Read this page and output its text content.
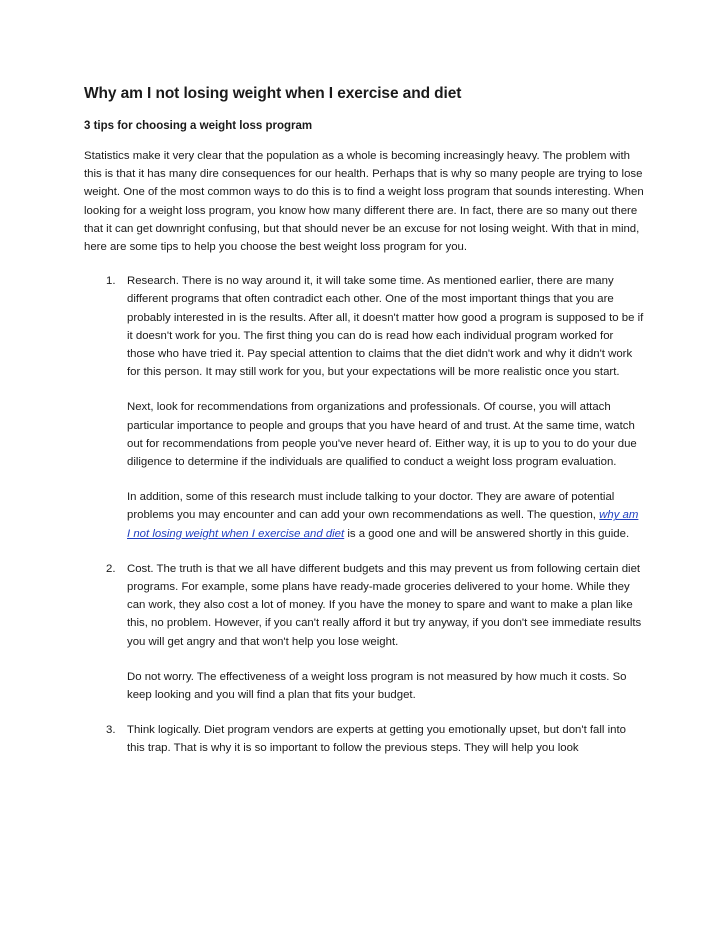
Why am I not losing weight when I exercise and diet
3 tips for choosing a weight loss program

Statistics make it very clear that the population as a whole is becoming increasingly heavy. The problem with this is that it has many dire consequences for our health. Perhaps that is why so many people are trying to lose weight. One of the most common ways to do this is to find a weight loss program that sounds interesting. When looking for a weight loss program, you know how many different there are. In fact, there are so many out there that it can get downright confusing, but that should never be an excuse for not losing weight. With that in mind, here are some tips to help you choose the best weight loss program for you.

1. Research. There is no way around it, it will take some time. As mentioned earlier, there are many different programs that often contradict each other. One of the most important things that you are probably interested in is the results. After all, it doesn't matter how good a program is supposed to be if it doesn't work for you. The first thing you can do is read how each individual program worked for those who have tried it. Pay special attention to claims that the diet didn't work and why it didn't work for this person. It may still work for you, but your expectations will be more realistic once you start.

Next, look for recommendations from organizations and professionals. Of course, you will attach particular importance to people and groups that you have heard of and trust. At the same time, watch out for recommendations from people you've never heard of. Either way, it is up to you to do your due diligence to determine if the individuals are qualified to conduct a weight loss program evaluation.

In addition, some of this research must include talking to your doctor. They are aware of potential problems you may encounter and can add your own recommendations as well. The question, why am I not losing weight when I exercise and diet is a good one and will be answered shortly in this guide.

2. Cost. The truth is that we all have different budgets and this may prevent us from following certain diet programs. For example, some plans have ready-made groceries delivered to your home. While they can work, they also cost a lot of money. If you have the money to spare and want to make a plan like this, no problem. However, if you can't really afford it but try anyway, if you don't see immediate results you will get angry and that won't help you lose weight.

Do not worry. The effectiveness of a weight loss program is not measured by how much it costs. So keep looking and you will find a plan that fits your budget.

3. Think logically. Diet program vendors are experts at getting you emotionally upset, but don't fall into this trap. That is why it is so important to follow the previous steps. They will help you look
